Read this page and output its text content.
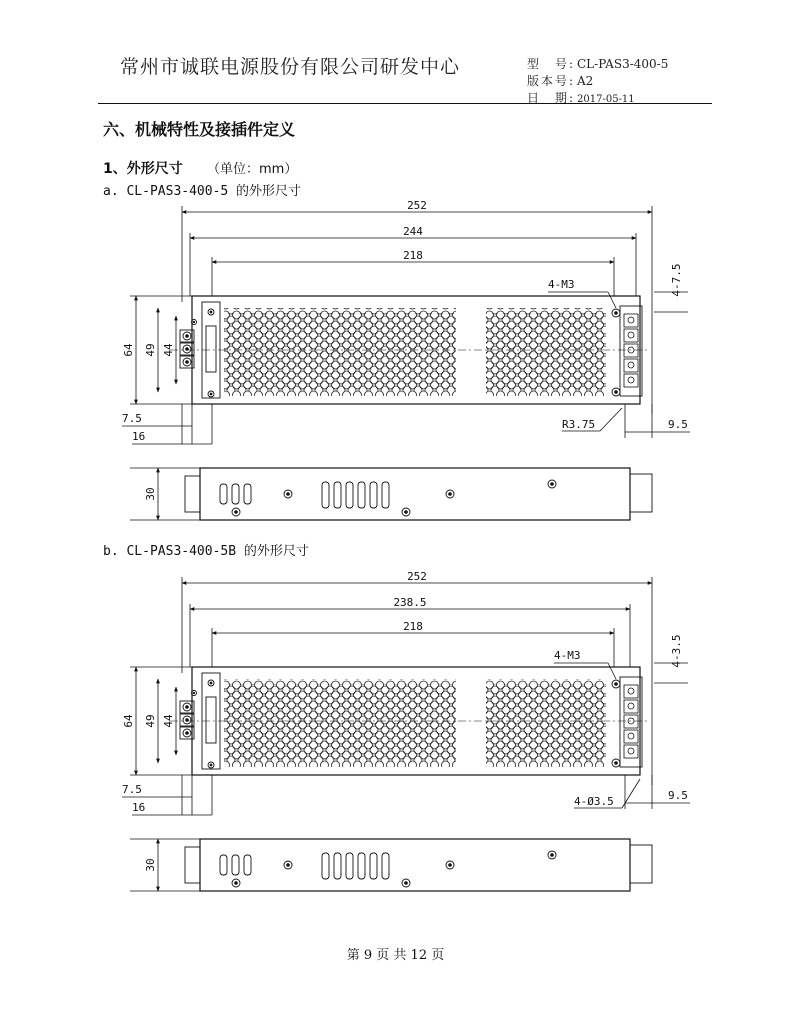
常州市诚联电源股份有限公司研发中心	型　号: CL-PAS3-400-5
版本号: A2
日　期: 2017-05-11
六、机械特性及接插件定义
1、外形尺寸 （单位：mm）
a. CL-PAS3-400-5 的外形尺寸
b. CL-PAS3-400-5B 的外形尺寸
252
244
218
64 49 44
7.5
16
4-7.5
9.5
4-M3
R3.75
30
252
238.5
218
64 49 44
7.5
16
4-3.5
9.5
4-M3
4-Ø3.5
30
第 9 页 共 12 页
